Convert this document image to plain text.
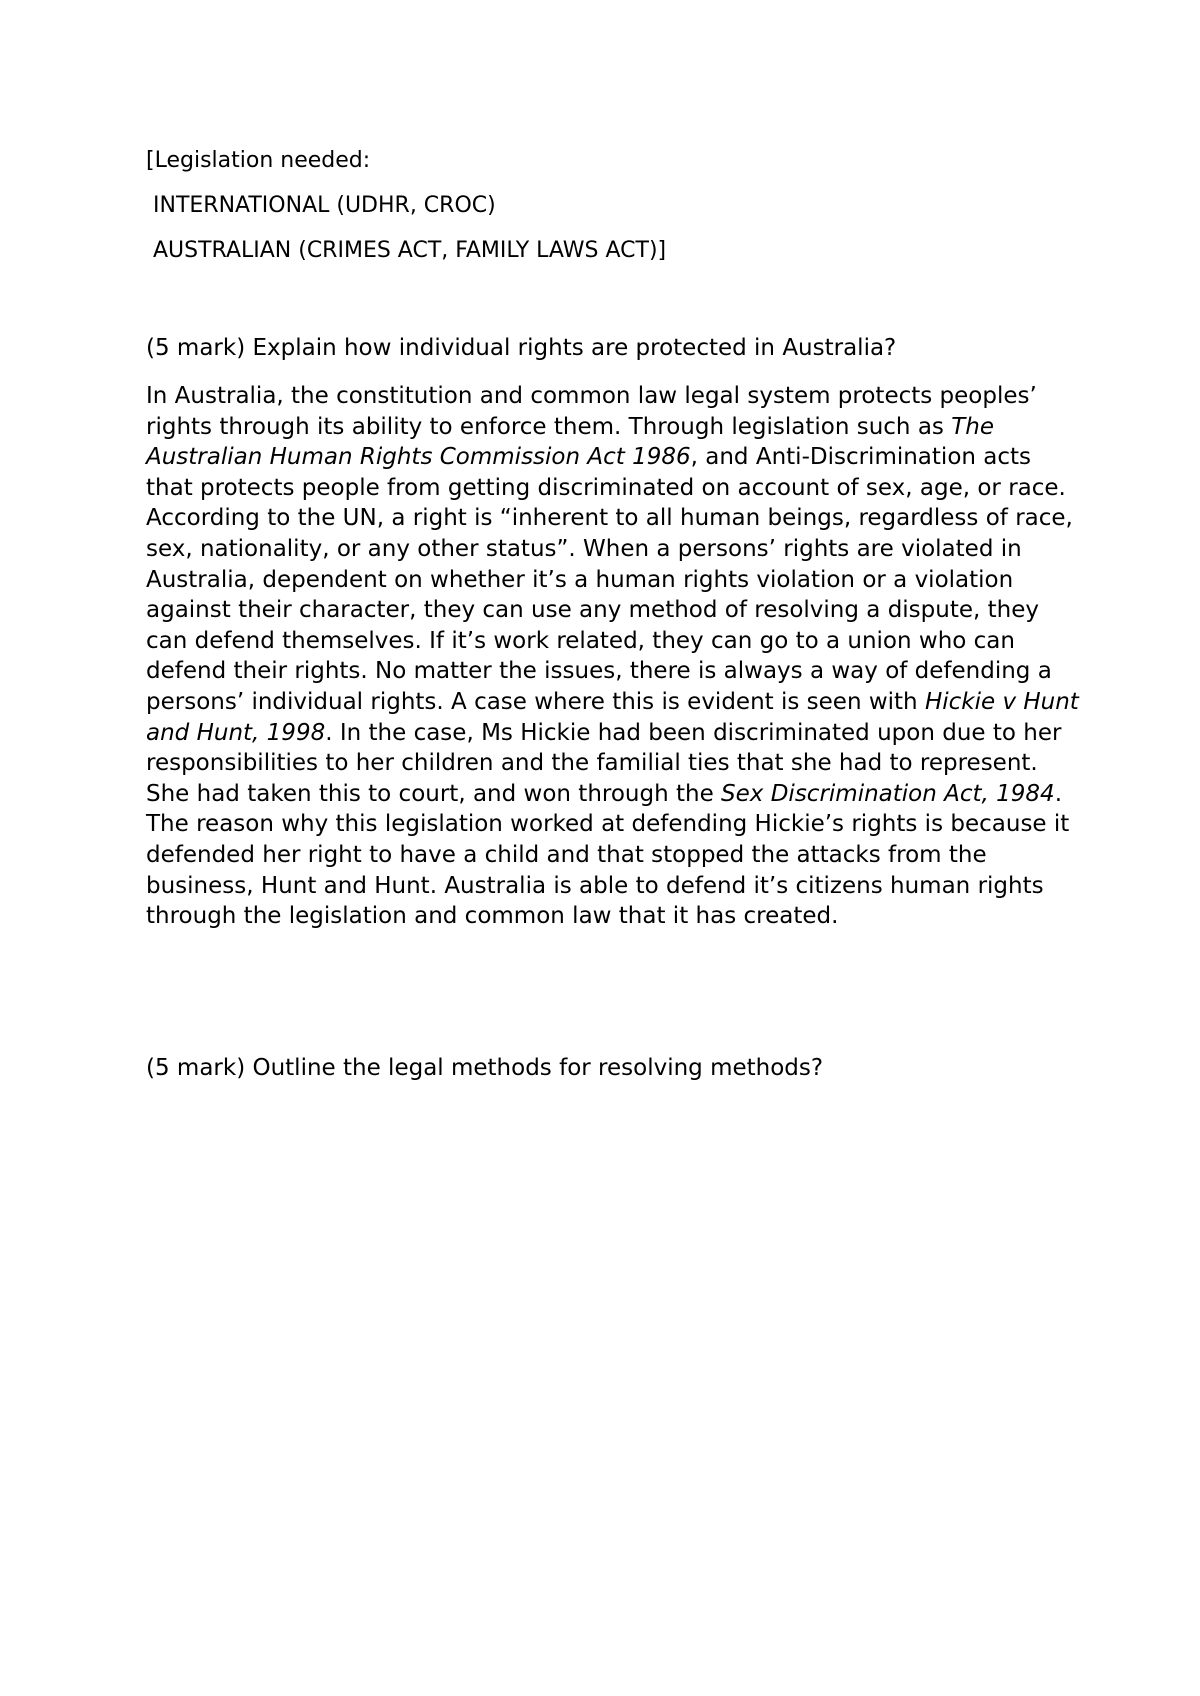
[Legislation needed:

INTERNATIONAL (UDHR, CROC)

AUSTRALIAN (CRIMES ACT, FAMILY LAWS ACT)]

(5 mark) Explain how individual rights are protected in Australia?

In Australia, the constitution and common law legal system protects peoples’ rights through its ability to enforce them. Through legislation such as The Australian Human Rights Commission Act 1986, and Anti-Discrimination acts that protects people from getting discriminated on account of sex, age, or race. According to the UN, a right is “inherent to all human beings, regardless of race, sex, nationality, or any other status”. When a persons’ rights are violated in Australia, dependent on whether it’s a human rights violation or a violation against their character, they can use any method of resolving a dispute, they can defend themselves. If it’s work related, they can go to a union who can defend their rights. No matter the issues, there is always a way of defending a persons’ individual rights. A case where this is evident is seen with Hickie v Hunt and Hunt, 1998. In the case, Ms Hickie had been discriminated upon due to her responsibilities to her children and the familial ties that she had to represent. She had taken this to court, and won through the Sex Discrimination Act, 1984. The reason why this legislation worked at defending Hickie’s rights is because it defended her right to have a child and that stopped the attacks from the business, Hunt and Hunt. Australia is able to defend it’s citizens human rights through the legislation and common law that it has created.

(5 mark) Outline the legal methods for resolving methods?
